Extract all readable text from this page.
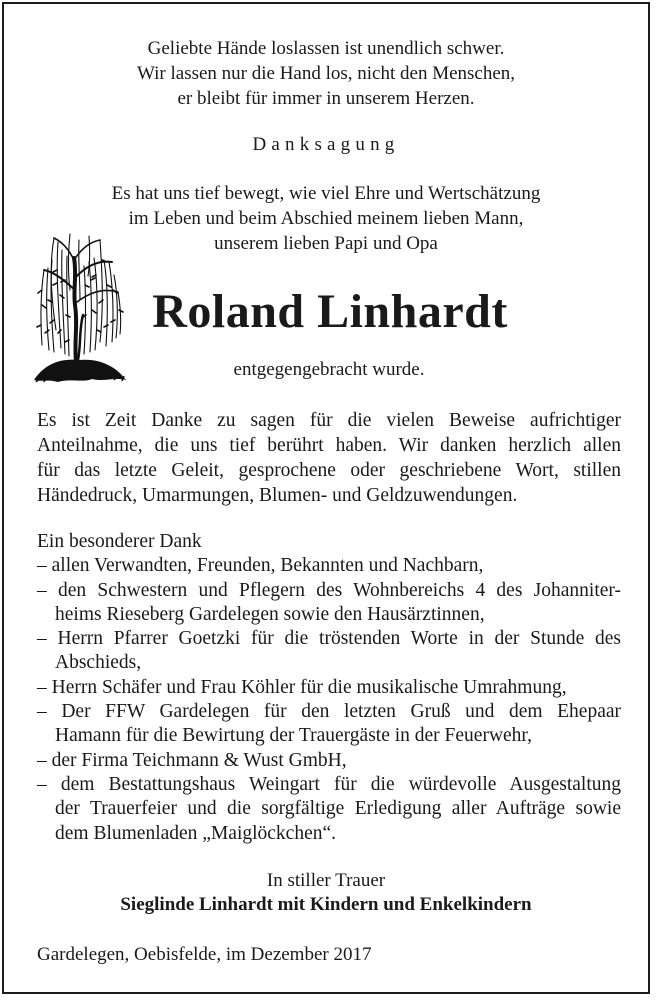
Geliebte Hände loslassen ist unendlich schwer.
Wir lassen nur die Hand los, nicht den Menschen,
er bleibt für immer in unserem Herzen.
Danksagung
Es hat uns tief bewegt, wie viel Ehre und Wertschätzung
im Leben und beim Abschied meinem lieben Mann,
unserem lieben Papi und Opa
Roland Linhardt
entgegengebracht wurde.
Es ist Zeit Danke zu sagen für die vielen Beweise aufrichtiger
Anteilnahme, die uns tief berührt haben. Wir danken herzlich allen
für das letzte Geleit, gesprochene oder geschriebene Wort, stillen
Händedruck, Umarmungen, Blumen- und Geldzuwendungen.
Ein besonderer Dank
– allen Verwandten, Freunden, Bekannten und Nachbarn,
– den Schwestern und Pflegern des Wohnbereichs 4 des Johanniter-
heims Rieseberg Gardelegen sowie den Hausärztinnen,
– Herrn Pfarrer Goetzki für die tröstenden Worte in der Stunde des
Abschieds,
– Herrn Schäfer und Frau Köhler für die musikalische Umrahmung,
– Der FFW Gardelegen für den letzten Gruß und dem Ehepaar
Hamann für die Bewirtung der Trauergäste in der Feuerwehr,
– der Firma Teichmann & Wust GmbH,
– dem Bestattungshaus Weingart für die würdevolle Ausgestaltung
der Trauerfeier und die sorgfältige Erledigung aller Aufträge sowie
dem Blumenladen „Maiglöckchen“.
In stiller Trauer
Sieglinde Linhardt mit Kindern und Enkelkindern
Gardelegen, Oebisfelde, im Dezember 2017
